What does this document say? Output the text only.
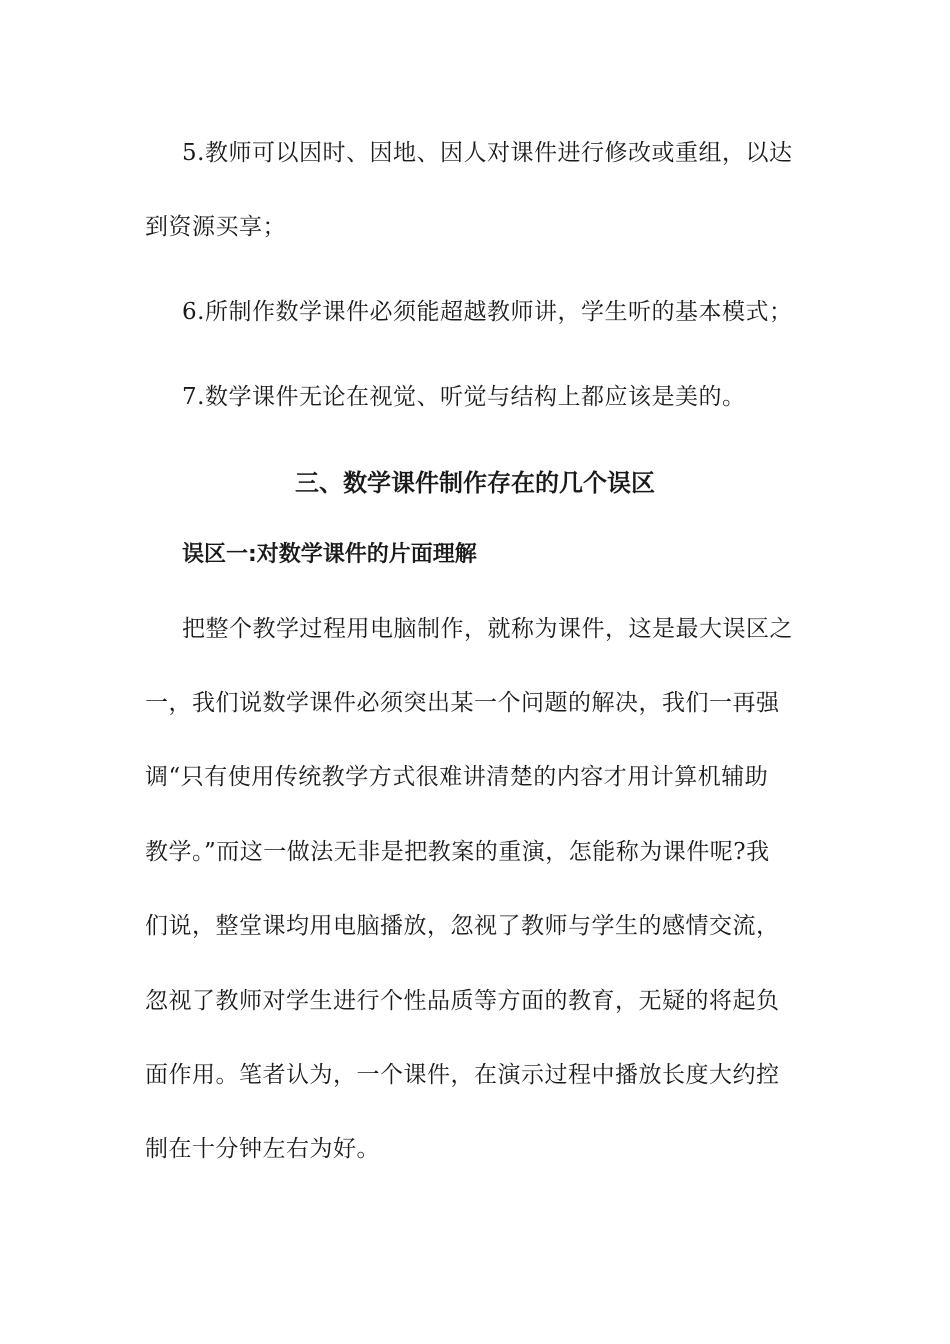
5.教师可以因时、因地、因人对课件进行修改或重组，以达
到资源买享；
6.所制作数学课件必须能超越教师讲，学生听的基本模式；
7.数学课件无论在视觉、听觉与结构上都应该是美的。
三、数学课件制作存在的几个误区
误区一:对数学课件的片面理解
把整个教学过程用电脑制作，就称为课件，这是最大误区之
一，我们说数学课件必须突出某一个问题的解决，我们一再强
调“只有使用传统教学方式很难讲清楚的内容才用计算机辅助
教学。”而这一做法无非是把教案的重演，怎能称为课件呢?我
们说，整堂课均用电脑播放，忽视了教师与学生的感情交流，
忽视了教师对学生进行个性品质等方面的教育，无疑的将起负
面作用。笔者认为，一个课件，在演示过程中播放长度大约控
制在十分钟左右为好。
